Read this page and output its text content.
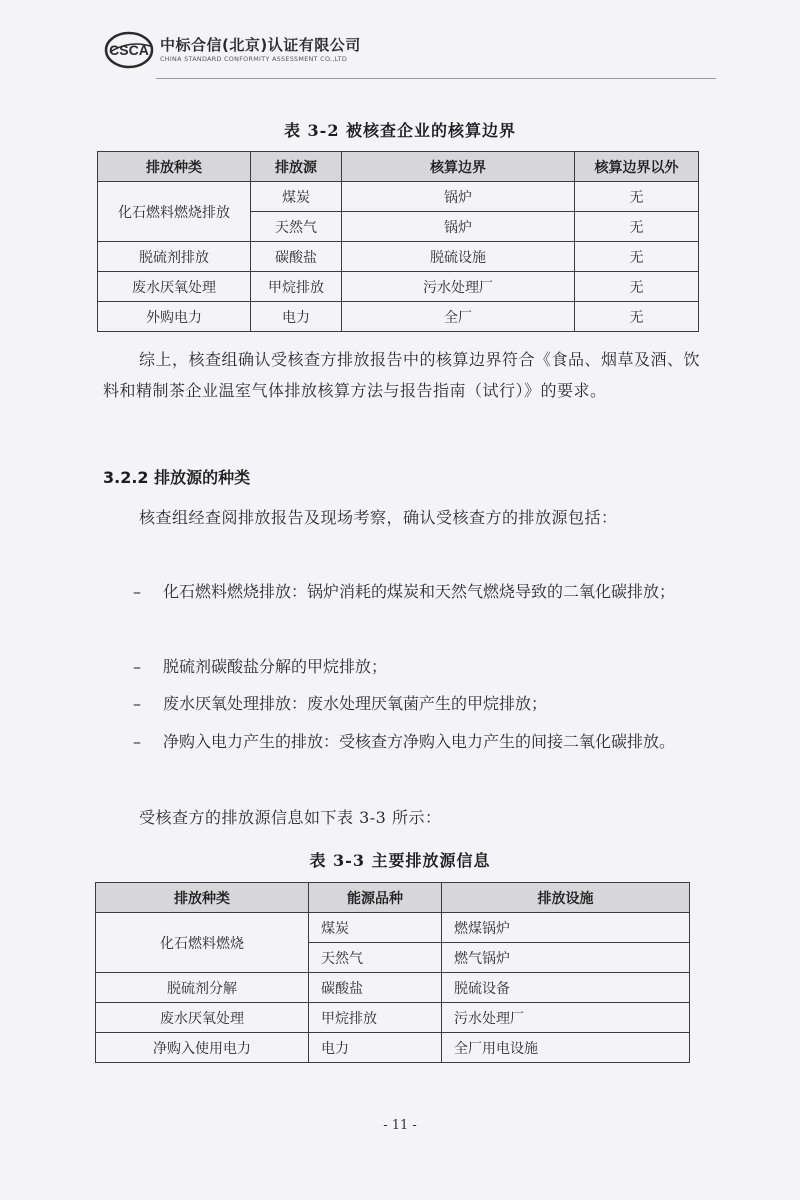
CSCA 中标合信(北京)认证有限公司
CHINA STANDARD CONFORMITY ASSESSMENT CO.,LTD
表 3-2 被核查企业的核算边界
排放种类	排放源	核算边界	核算边界以外
化石燃料燃烧排放	煤炭	锅炉	无
	天然气	锅炉	无
脱硫剂排放	碳酸盐	脱硫设施	无
废水厌氧处理	甲烷排放	污水处理厂	无
外购电力	电力	全厂	无
综上，核查组确认受核查方排放报告中的核算边界符合《食品、烟草及酒、饮料和精制茶企业温室气体排放核算方法与报告指南（试行）》的要求。
3.2.2 排放源的种类
核查组经查阅排放报告及现场考察，确认受核查方的排放源包括：
–	化石燃料燃烧排放：锅炉消耗的煤炭和天然气燃烧导致的二氧化碳排放；
–	脱硫剂碳酸盐分解的甲烷排放；
–	废水厌氧处理排放：废水处理厌氧菌产生的甲烷排放；
–	净购入电力产生的排放：受核查方净购入电力产生的间接二氧化碳排放。
受核查方的排放源信息如下表 3-3 所示：
表 3-3 主要排放源信息
排放种类	能源品种	排放设施
化石燃料燃烧	煤炭	燃煤锅炉
	天然气	燃气锅炉
脱硫剂分解	碳酸盐	脱硫设备
废水厌氧处理	甲烷排放	污水处理厂
净购入使用电力	电力	全厂用电设施
- 11 -
